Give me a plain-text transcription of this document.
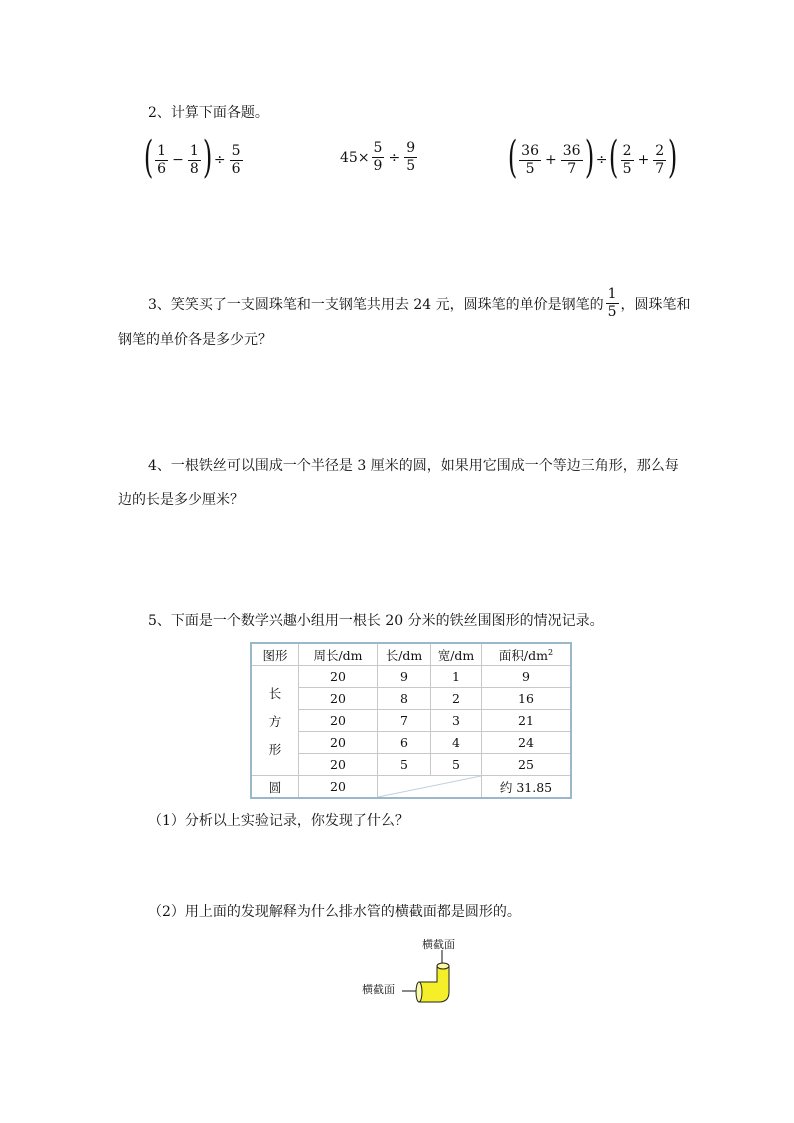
2、计算下面各题。
( $\frac{1}{6} - \frac{1}{8}$ ) ÷ $\frac{5}{6}$	$45\times \frac{5}{9} \div \frac{9}{5}$ ( $\frac{36}{5} + \frac{36}{7}$ ) ÷ ( $\frac{2}{5} + \frac{2}{7}$ )
3、笑笑买了一支圆珠笔和一支钢笔共用去 24 元，圆珠笔的单价是钢笔的 $\frac{1}{5}$ ，圆珠笔和
钢笔的单价各是多少元？
4、一根铁丝可以围成一个半径是 3 厘米的圆，如果用它围成一个等边三角形，那么每
边的长是多少厘米？
5、下面是一个数学兴趣小组用一根长 20 分米的铁丝围图形的情况记录。
图形	周长/dm	长/dm	宽/dm	面积$/dm^2$

长
方
形	20	9	1	9
	20	8	2	16
	20	7	3	21
	20	6	4	24
	20	5	5	25
圆	20			约 31.85
（1）分析以上实验记录，你发现了什么？
（2）用上面的发现解释为什么排水管的横截面都是圆形的。
横截面
横截面
